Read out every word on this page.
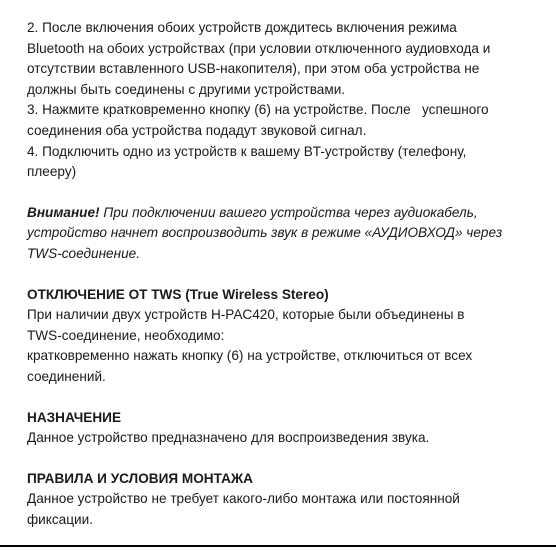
2. После включения обоих устройств дождитесь включения режима
Bluetooth на обоих устройствах (при условии отключенного аудиовхода и
отсутствии вставленного USB-накопителя), при этом оба устройства не
должны быть соединены с другими устройствами.
3. Нажмите кратковременно кнопку (6) на устройстве. После   успешного
соединения оба устройства подадут звуковой сигнал.
4. Подключить одно из устройств к вашему BT-устройству (телефону,
плееру)
Внимание! При подключении вашего устройства через аудиокабель,
устройство начнет воспроизводить звук в режиме «АУДИОВХОД» через
TWS-соединение.
ОТКЛЮЧЕНИЕ ОТ TWS (True Wireless Stereo)
При наличии двух устройств H-PAC420, которые были объединены в
TWS-соединение, необходимо:
кратковременно нажать кнопку (6) на устройстве, отключиться от всех
соединений.
НАЗНАЧЕНИЕ
Данное устройство предназначено для воспроизведения звука.
ПРАВИЛА И УСЛОВИЯ МОНТАЖА
Данное устройство не требует какого-либо монтажа или постоянной
фиксации.
